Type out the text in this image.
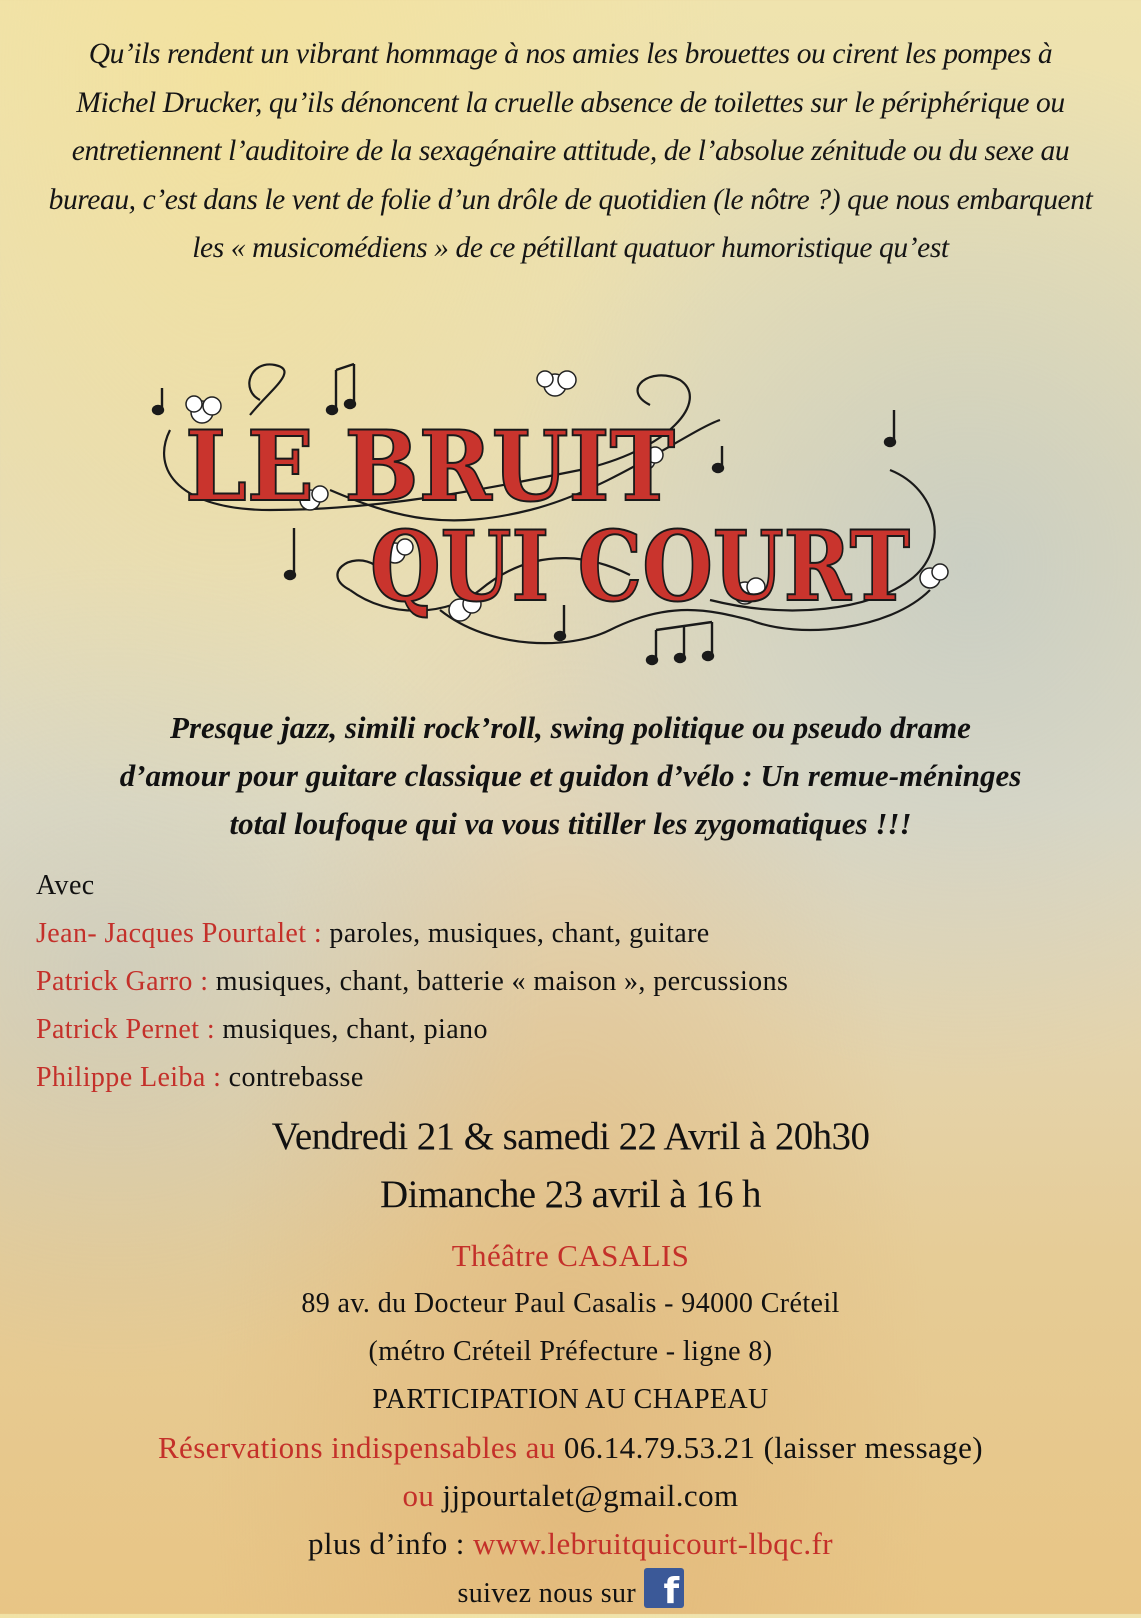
Qu’ils rendent un vibrant hommage à nos amies les brouettes ou cirent les pompes à
Michel Drucker, qu’ils dénoncent la cruelle absence de toilettes sur le périphérique ou
entretiennent l’auditoire de la sexagénaire attitude, de l’absolue zénitude ou du sexe au
bureau, c’est dans le vent de folie d’un drôle de quotidien (le nôtre ?) que nous embarquent
les « musicomédiens » de ce pétillant quatuor humoristique qu’est
LE BRUIT
QUI COURT
Presque jazz, simili rock’roll, swing politique ou pseudo drame
d’amour pour guitare classique et guidon d’vélo : Un remue-méninges
total loufoque qui va vous titiller les zygomatiques !!!
Avec
Jean- Jacques Pourtalet : paroles, musiques, chant, guitare
Patrick Garro : musiques, chant, batterie « maison », percussions
Patrick Pernet : musiques, chant, piano
Philippe Leiba : contrebasse
Vendredi 21 & samedi 22 Avril à 20h30
Dimanche 23 avril à 16 h
Théâtre CASALIS
89 av. du Docteur Paul Casalis - 94000 Créteil
(métro Créteil Préfecture - ligne 8)
PARTICIPATION AU CHAPEAU
Réservations indispensables au 06.14.79.53.21 (laisser message)
ou jjpourtalet@gmail.com
plus d’info : www.lebruitquicourt-lbqc.fr
suivez nous sur f
